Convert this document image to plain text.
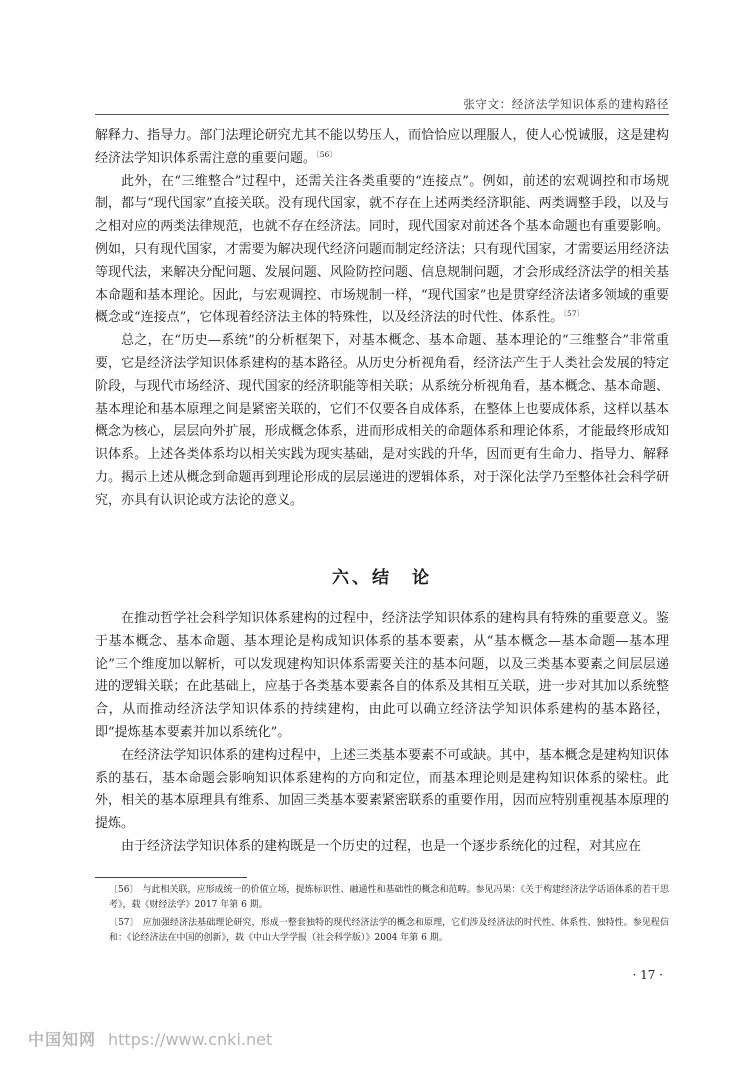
张守文：经济法学知识体系的建构路径

解释力、指导力。部门法理论研究尤其不能以势压人，而恰恰应以理服人，使人心悦诚服，这是建构经济法学知识体系需注意的重要问题。$^{〔56〕}$

此外，在“三维整合”过程中，还需关注各类重要的“连接点”。例如，前述的宏观调控和市场规制，都与“现代国家”直接关联。没有现代国家，就不存在上述两类经济职能、两类调整手段，以及与之相对应的两类法律规范，也就不存在经济法。同时，现代国家对前述各个基本命题也有重要影响。例如，只有现代国家，才需要为解决现代经济问题而制定经济法；只有现代国家，才需要运用经济法等现代法，来解决分配问题、发展问题、风险防控问题、信息规制问题，才会形成经济法学的相关基本命题和基本理论。因此，与宏观调控、市场规制一样，“现代国家”也是贯穿经济法诸多领域的重要概念或“连接点”，它体现着经济法主体的特殊性，以及经济法的时代性、体系性。$^{〔57〕}$

总之，在“历史—系统”的分析框架下，对基本概念、基本命题、基本理论的“三维整合”非常重要，它是经济法学知识体系建构的基本路径。从历史分析视角看，经济法产生于人类社会发展的特定阶段，与现代市场经济、现代国家的经济职能等相关联；从系统分析视角看，基本概念、基本命题、基本理论和基本原理之间是紧密关联的，它们不仅要各自成体系，在整体上也要成体系，这样以基本概念为核心，层层向外扩展，形成概念体系，进而形成相关的命题体系和理论体系，才能最终形成知识体系。上述各类体系均以相关实践为现实基础，是对实践的升华，因而更有生命力、指导力、解释力。揭示上述从概念到命题再到理论形成的层层递进的逻辑体系，对于深化法学乃至整体社会科学研究，亦具有认识论或方法论的意义。

六、结　论

在推动哲学社会科学知识体系建构的过程中，经济法学知识体系的建构具有特殊的重要意义。鉴于基本概念、基本命题、基本理论是构成知识体系的基本要素，从“基本概念—基本命题—基本理论”三个维度加以解析，可以发现建构知识体系需要关注的基本问题，以及三类基本要素之间层层递进的逻辑关联；在此基础上，应基于各类基本要素各自的体系及其相互关联，进一步对其加以系统整合，从而推动经济法学知识体系的持续建构，由此可以确立经济法学知识体系建构的基本路径，即“提炼基本要素并加以系统化”。

在经济法学知识体系的建构过程中，上述三类基本要素不可或缺。其中，基本概念是建构知识体系的基石，基本命题会影响知识体系建构的方向和定位，而基本理论则是建构知识体系的梁柱。此外，相关的基本原理具有维系、加固三类基本要素紧密联系的重要作用，因而应特别重视基本原理的提炼。

由于经济法学知识体系的建构既是一个历史的过程，也是一个逐步系统化的过程，对其应在

〔56〕 与此相关联，应形成统一的价值立场，提炼标识性、融通性和基础性的概念和范畴。参见冯果：《关于构建经济法学话语体系的若干思考》，载《财经法学》2017 年第 6 期。
〔57〕 应加强经济法基础理论研究，形成一整套独特的现代经济法学的概念和原理，它们涉及经济法的时代性、体系性、独特性。参见程信和：《论经济法在中国的创新》，载《中山大学学报（社会科学版）》2004 年第 6 期。
· 17 ·
中国知网 https://www.cnki.net
